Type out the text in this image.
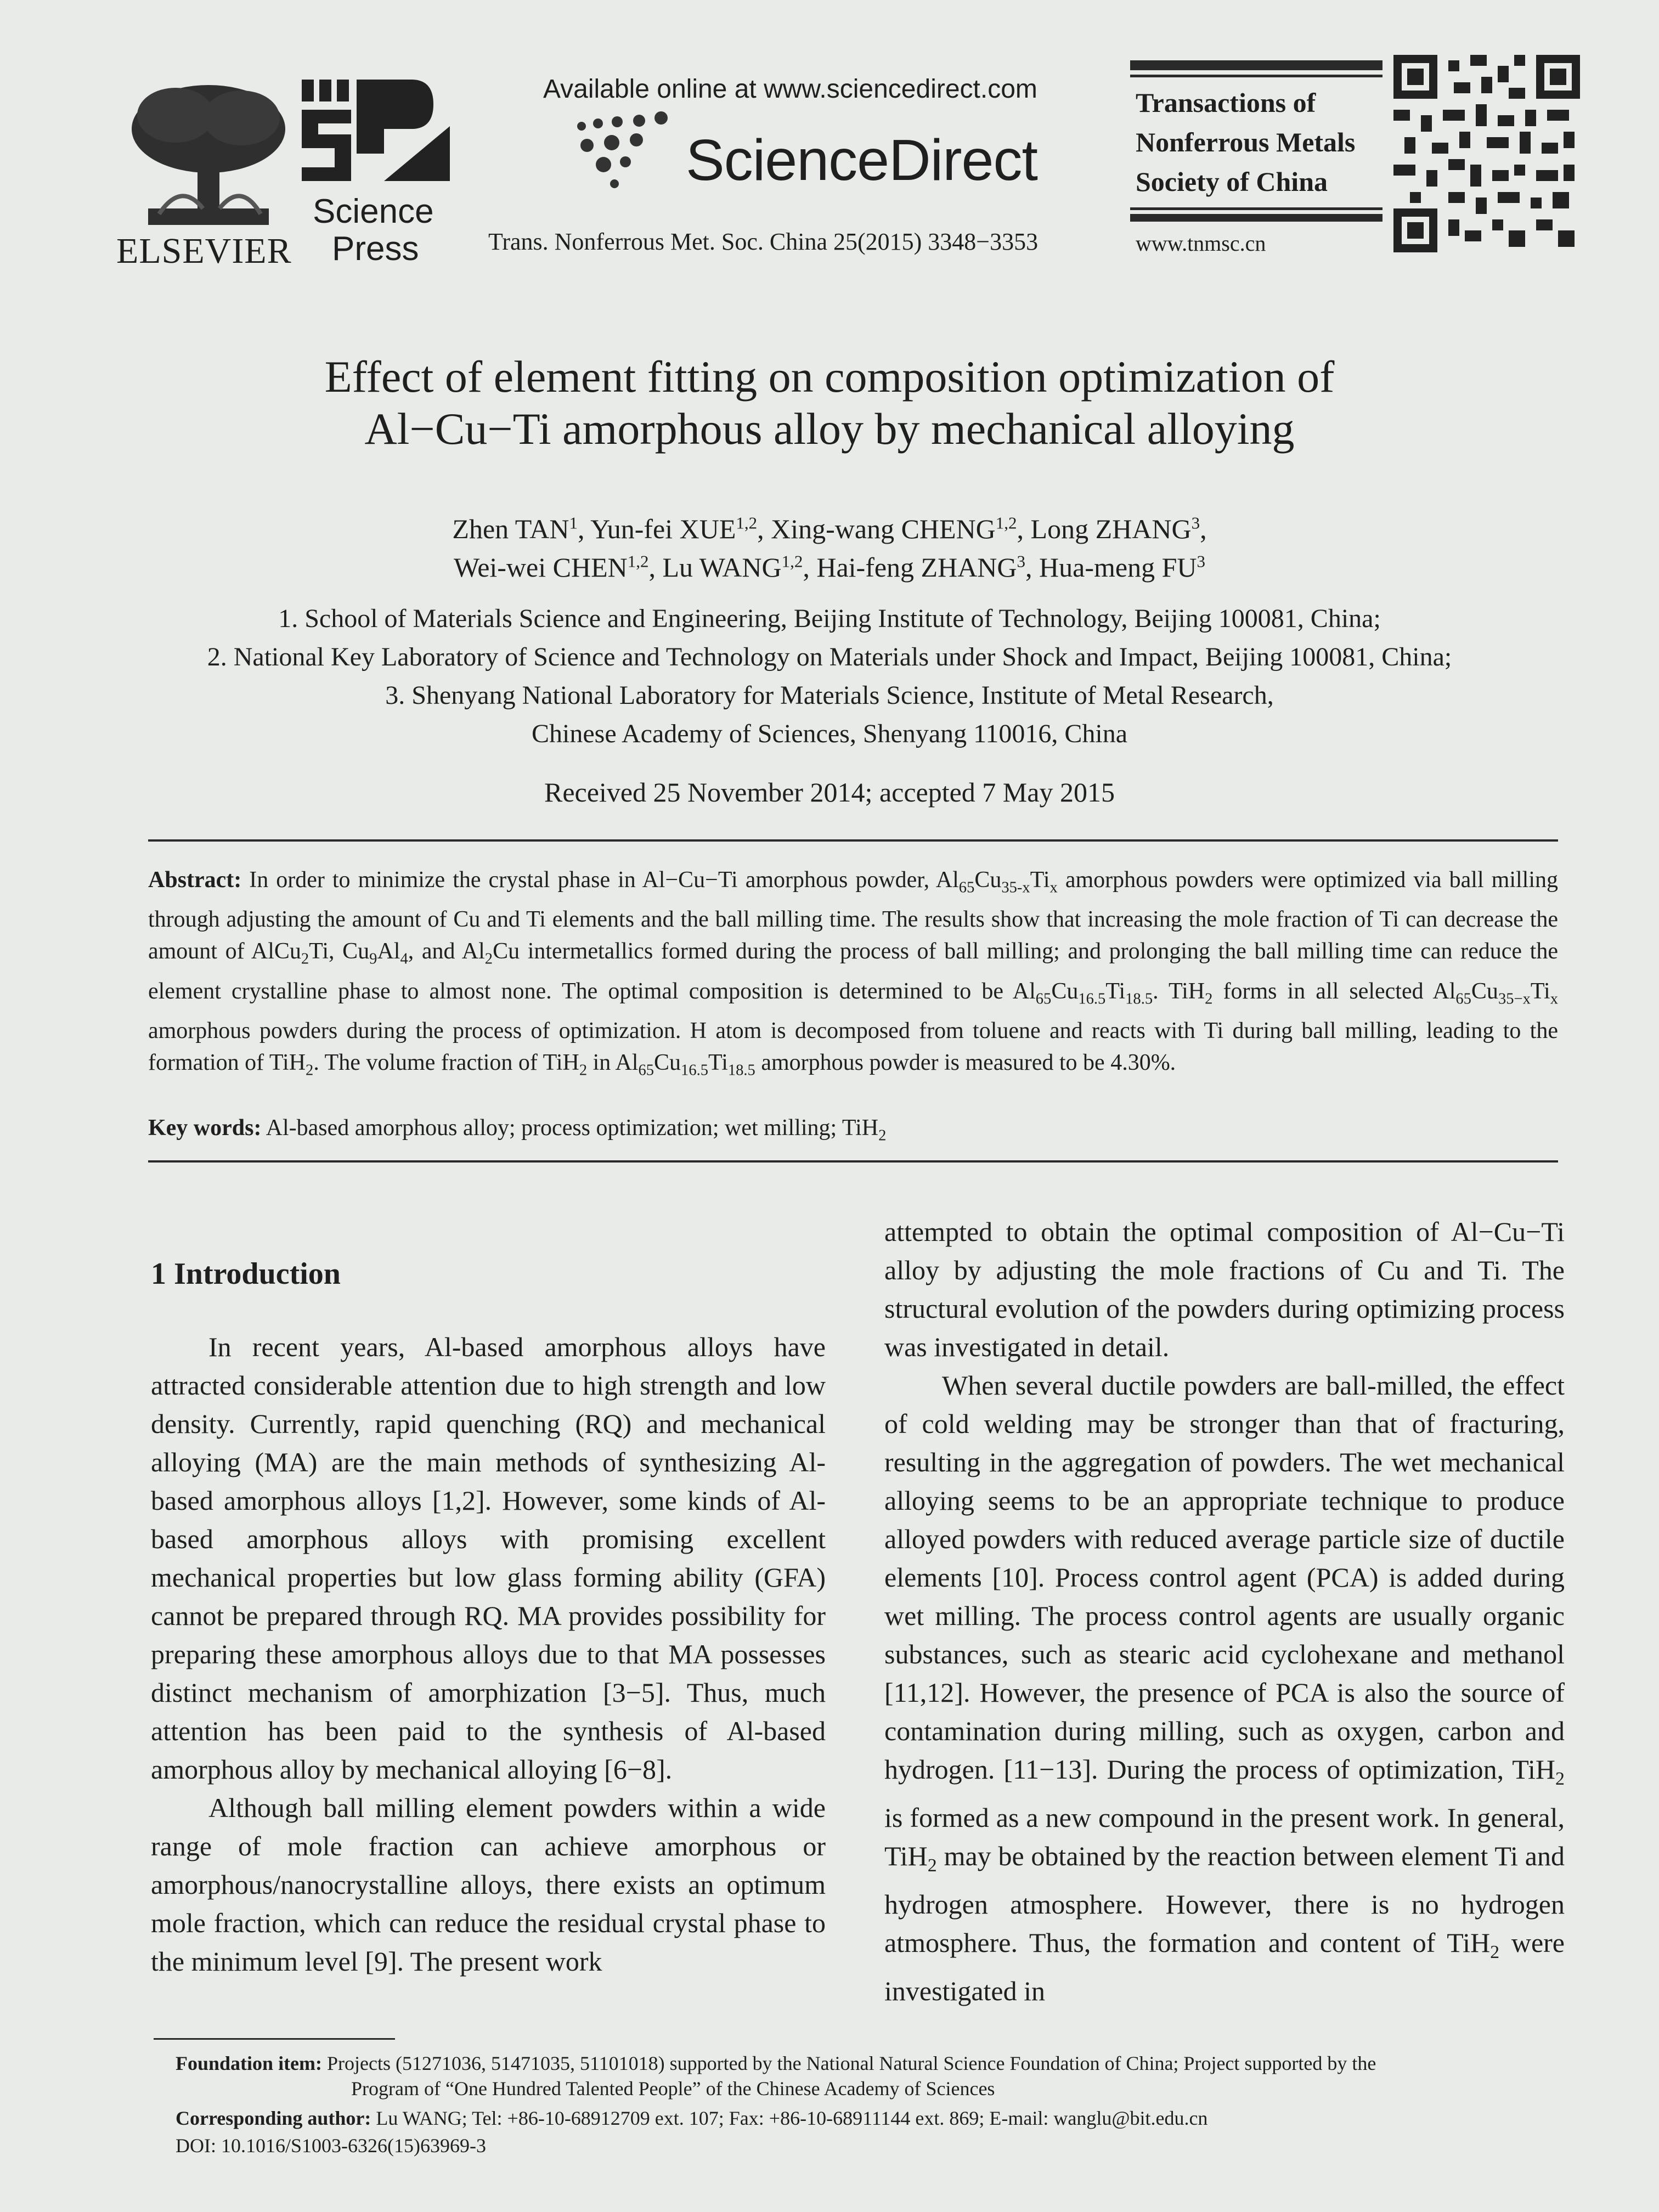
ELSEVIER
Science
Press
Available online at www.sciencedirect.com
ScienceDirect
Trans. Nonferrous Met. Soc. China 25(2015) 3348−3353
Transactions of
Nonferrous Metals
Society of China
www.tnmsc.cn
Effect of element fitting on composition optimization of
Al−Cu−Ti amorphous alloy by mechanical alloying
Zhen TAN$^1$, Yun-fei XUE$^{1,2}$, Xing-wang CHENG$^{1,2}$, Long ZHANG$^3$,
Wei-wei CHEN$^{1,2}$, Lu WANG$^{1,2}$, Hai-feng ZHANG$^3$, Hua-meng $FU^3$
1. School of Materials Science and Engineering, Beijing Institute of Technology, Beijing 100081, China;
2. National Key Laboratory of Science and Technology on Materials under Shock and Impact, Beijing 100081, China;
3. Shenyang National Laboratory for Materials Science, Institute of Metal Research,
Chinese Academy of Sciences, Shenyang 110016, China
Received 25 November 2014; accepted 7 May 2015
Abstract: In order to minimize the crystal phase in Al−Cu−Ti amorphous powder, $Al_{65}Cu_{35-x}Ti_x$ amorphous powders were optimized via ball milling through adjusting the amount of Cu and Ti elements and the ball milling time. The results show that increasing the mole fraction of Ti can decrease the amount of AlCu$_2$Ti, $Cu_9Al_4$, and $Al_2Cu$ intermetallics formed during the process of ball milling; and prolonging the ball milling time can reduce the element crystalline phase to almost none. The optimal composition is determined to be $Al_{65}Cu_{16.5}Ti_{18.5}$. TiH$_2$ forms in all selected $Al_{65}Cu_{35-x}Ti_x$ amorphous powders during the process of optimization. H atom is decomposed from toluene and reacts with Ti during ball milling, leading to the formation of TiH$_2$. The volume fraction of TiH$_2$ in $Al_{65}Cu_{16.5}Ti_{18.5}$ amorphous powder is measured to be 4.30%.
Key words: Al-based amorphous alloy; process optimization; wet milling; TiH$_2$
1 Introduction

In recent years, Al-based amorphous alloys have attracted considerable attention due to high strength and low density. Currently, rapid quenching (RQ) and mechanical alloying (MA) are the main methods of synthesizing Al-based amorphous alloys [1,2]. However, some kinds of Al-based amorphous alloys with promising excellent mechanical properties but low glass forming ability (GFA) cannot be prepared through RQ. MA provides possibility for preparing these amorphous alloys due to that MA possesses distinct mechanism of amorphization [3−5]. Thus, much attention has been paid to the synthesis of Al-based amorphous alloy by mechanical alloying [6−8].

Although ball milling element powders within a wide range of mole fraction can achieve amorphous or amorphous/nanocrystalline alloys, there exists an optimum mole fraction, which can reduce the residual crystal phase to the minimum level [9]. The present work

attempted to obtain the optimal composition of Al−Cu−Ti alloy by adjusting the mole fractions of Cu and Ti. The structural evolution of the powders during optimizing process was investigated in detail.

When several ductile powders are ball-milled, the effect of cold welding may be stronger than that of fracturing, resulting in the aggregation of powders. The wet mechanical alloying seems to be an appropriate technique to produce alloyed powders with reduced average particle size of ductile elements [10]. Process control agent (PCA) is added during wet milling. The process control agents are usually organic substances, such as stearic acid cyclohexane and methanol [11,12]. However, the presence of PCA is also the source of contamination during milling, such as oxygen, carbon and hydrogen. [11−13]. During the process of optimization, TiH$_2$ is formed as a new compound in the present work. In general, TiH$_2$ may be obtained by the reaction between element Ti and hydrogen atmosphere. However, there is no hydrogen atmosphere. Thus, the formation and content of TiH$_2$ were investigated in

Foundation item: Projects (51271036, 51471035, 51101018) supported by the National Natural Science Foundation of China; Project supported by the
Program of “One Hundred Talented People” of the Chinese Academy of Sciences
Corresponding author: Lu WANG; Tel: +86-10-68912709 ext. 107; Fax: +86-10-68911144 ext. 869; E-mail: wanglu@bit.edu.cn
DOI: 10.1016/S1003-6326(15)63969-3
